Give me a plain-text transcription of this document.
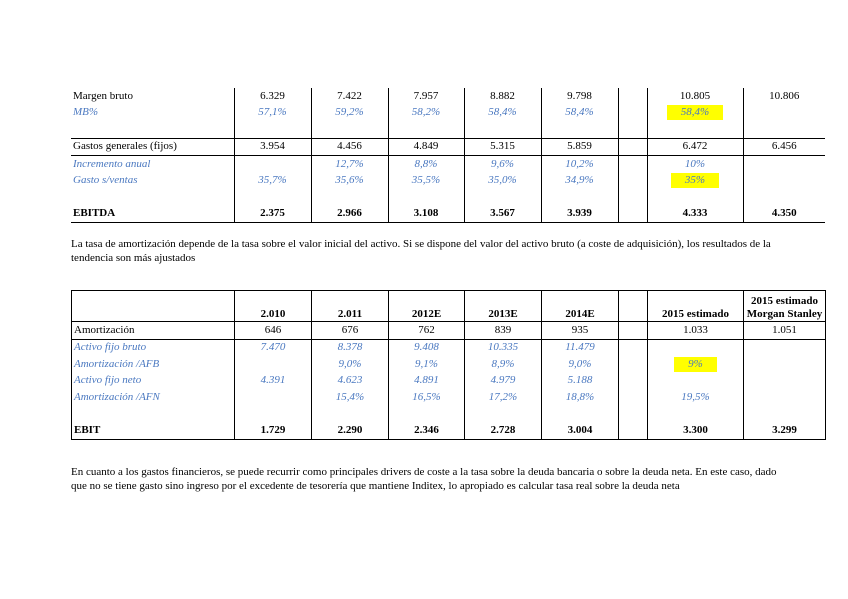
Margen bruto	6.329	7.422	7.957	8.882	9.798		10.805	10.806
MB%	57,1%	59,2%	58,2%	58,4%	58,4%		58,4%	

Gastos generales (fijos)	3.954	4.456	4.849	5.315	5.859		6.472	6.456
Incremento anual		12,7%	8,8%	9,6%	10,2%		10%	
Gasto s/ventas	35,7%	35,6%	35,5%	35,0%	34,9%		35%	

EBITDA	2.375	2.966	3.108	3.567	3.939		4.333	4.350

La tasa de amortización depende de la tasa sobre el valor inicial del activo. Si se dispone del valor del activo bruto (a coste de adquisición), los resultados de la tendencia son más ajustados

	2.010	2.011	2012E	2013E	2014E		2015 estimado	2015 estimado Morgan Stanley
Amortización	646	676	762	839	935		1.033	1.051
Activo fijo bruto	7.470	8.378	9.408	10.335	11.479			
Amortización /AFB		9,0%	9,1%	8,9%	9,0%		9%	
Activo fijo neto	4.391	4.623	4.891	4.979	5.188			
Amortización /AFN		15,4%	16,5%	17,2%	18,8%		19,5%	

EBIT	1.729	2.290	2.346	2.728	3.004		3.300	3.299

En cuanto a los gastos financieros, se puede recurrir como principales drivers de coste a la tasa sobre la deuda bancaria o sobre la deuda neta. En este caso, dado que no se tiene gasto sino ingreso por el excedente de tesorería que mantiene Inditex, lo apropiado es calcular tasa real sobre la deuda neta
